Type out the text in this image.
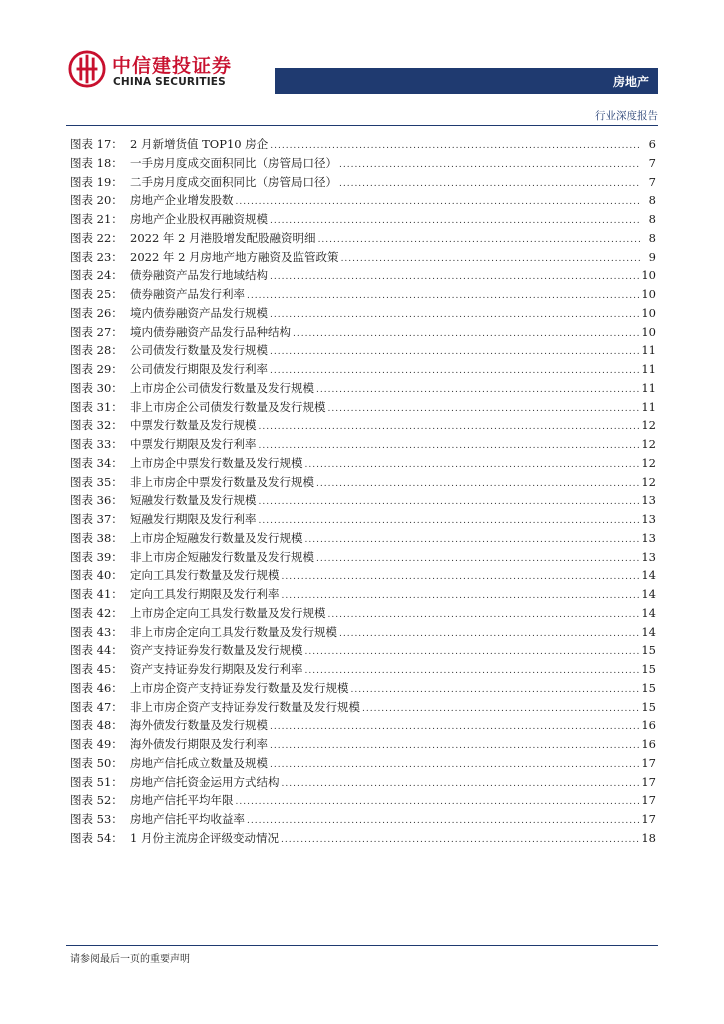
中信建投证券
CHINA SECURITIES	房地产
行业深度报告
图表 17： 2 月新增货值 TOP10 房企 .....	6
图表 18： 一手房月度成交面积同比（房管局口径） .....	7
图表 19： 二手房月度成交面积同比（房管局口径） .....	7
图表 20： 房地产企业增发股数 .....	8
图表 21： 房地产企业股权再融资规模 .....	8
图表 22： 2022 年 2 月港股增发配股融资明细 .....	8
图表 23： 2022 年 2 月房地产地方融资及监管政策 .....	9
图表 24： 债券融资产品发行地域结构 .....	10
图表 25： 债券融资产品发行利率 .....	10
图表 26： 境内债券融资产品发行规模 .....	10
图表 27： 境内债券融资产品发行品种结构 .....	10
图表 28： 公司债发行数量及发行规模 .....	11
图表 29： 公司债发行期限及发行利率 .....	11
图表 30： 上市房企公司债发行数量及发行规模 .....	11
图表 31： 非上市房企公司债发行数量及发行规模 .....	11
图表 32： 中票发行数量及发行规模 .....	12
图表 33： 中票发行期限及发行利率 .....	12
图表 34： 上市房企中票发行数量及发行规模 .....	12
图表 35： 非上市房企中票发行数量及发行规模 .....	12
图表 36： 短融发行数量及发行规模 .....	13
图表 37： 短融发行期限及发行利率 .....	13
图表 38： 上市房企短融发行数量及发行规模 .....	13
图表 39： 非上市房企短融发行数量及发行规模 .....	13
图表 40： 定向工具发行数量及发行规模 .....	14
图表 41： 定向工具发行期限及发行利率 .....	14
图表 42： 上市房企定向工具发行数量及发行规模 .....	14
图表 43： 非上市房企定向工具发行数量及发行规模 .....	14
图表 44： 资产支持证券发行数量及发行规模 .....	15
图表 45： 资产支持证券发行期限及发行利率 .....	15
图表 46： 上市房企资产支持证券发行数量及发行规模 .....	15
图表 47： 非上市房企资产支持证券发行数量及发行规模 .....	15
图表 48： 海外债发行数量及发行规模 .....	16
图表 49： 海外债发行期限及发行利率 .....	16
图表 50： 房地产信托成立数量及规模 .....	17
图表 51： 房地产信托资金运用方式结构 .....	17
图表 52： 房地产信托平均年限 .....	17
图表 53： 房地产信托平均收益率 .....	17
图表 54： 1 月份主流房企评级变动情况 .....	18
请参阅最后一页的重要声明
